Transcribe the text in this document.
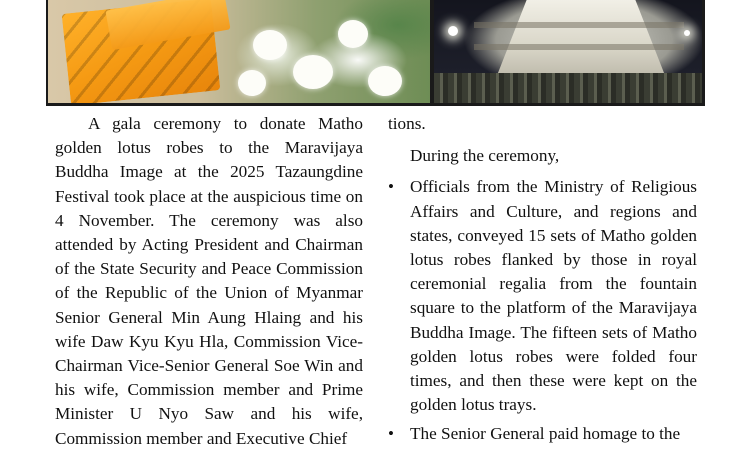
A gala ceremony to donate Matho golden lotus robes to the Maravijaya Buddha Image at the 2025 Tazaungdine Festival took place at the auspicious time on 4 November. The ceremony was also attended by Acting President and Chairman of the State Security and Peace Commission of the Republic of the Union of Myanmar Senior General Min Aung Hlaing and his wife Daw Kyu Kyu Hla, Commission Vice-Chairman Vice-Senior General Soe Win and his wife, Commission member and Prime Minister U Nyo Saw and his wife, Commission member and Executive Chief

tions.

During the ceremony,

• Officials from the Ministry of Religious Affairs and Culture, and regions and states, conveyed 15 sets of Matho golden lotus robes flanked by those in royal ceremonial regalia from the fountain square to the platform of the Maravijaya Buddha Image. The fifteen sets of Matho golden lotus robes were folded four times, and then these were kept on the golden lotus trays.
• The Senior General paid homage to the
